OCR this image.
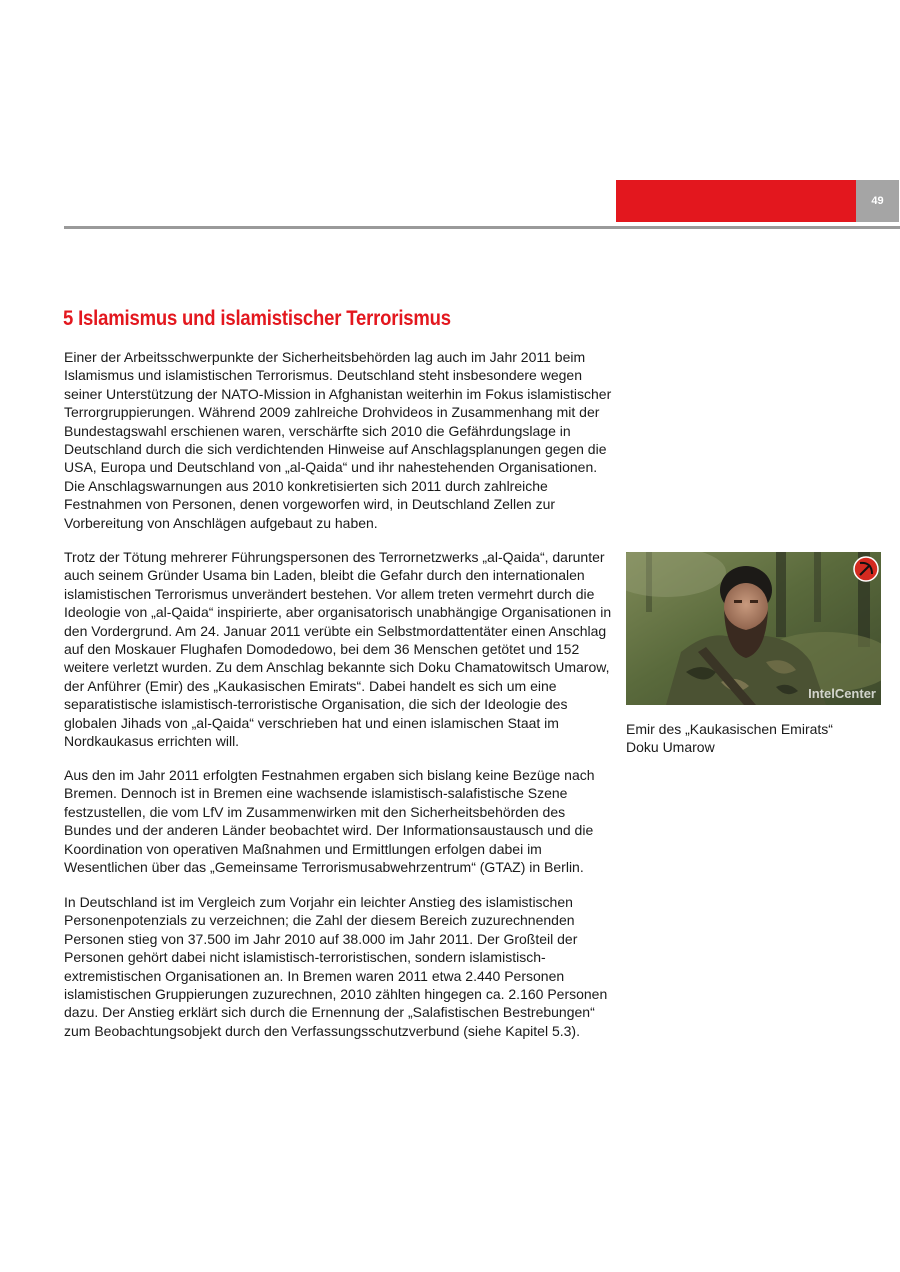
49
5 Islamismus und islamistischer Terrorismus

Einer der Arbeitsschwerpunkte der Sicherheitsbehörden lag auch im Jahr 2011 beim Islamismus und islamistischen Terrorismus. Deutschland steht insbesondere wegen seiner Unterstützung der NATO-Mission in Afghanistan weiterhin im Fokus islamistischer Terrorgruppierungen. Während 2009 zahlreiche Drohvideos in Zusammenhang mit der Bundestagswahl erschienen waren, verschärfte sich 2010 die Gefährdungslage in Deutschland durch die sich verdichtenden Hinweise auf Anschlagsplanungen gegen die USA, Europa und Deutschland von „al-Qaida“ und ihr nahestehenden Organisationen. Die Anschlagswarnungen aus 2010 konkretisierten sich 2011 durch zahlreiche Festnahmen von Personen, denen vorgeworfen wird, in Deutschland Zellen zur Vorbereitung von Anschlägen aufgebaut zu haben.

Trotz der Tötung mehrerer Führungspersonen des Terrornetzwerks „al-Qaida“, darunter auch seinem Gründer Usama bin Laden, bleibt die Gefahr durch den internationalen islamistischen Terrorismus unverändert bestehen. Vor allem treten vermehrt durch die Ideologie von „al-Qaida“ inspirierte, aber organisatorisch unabhängige Organisationen in den Vordergrund. Am 24. Januar 2011 verübte ein Selbstmordattentäter einen Anschlag auf den Moskauer Flughafen Domodedowo, bei dem 36 Menschen getötet und 152 weitere verletzt wurden. Zu dem Anschlag bekannte sich Doku Chamatowitsch Umarow, der Anführer (Emir) des „Kaukasischen Emirats“. Dabei handelt es sich um eine separatistische islamistisch-terroristische Organisation, die sich der Ideologie des globalen Jihads von „al-Qaida“ verschrieben hat und einen islamischen Staat im Nordkaukasus errichten will.

Aus den im Jahr 2011 erfolgten Festnahmen ergaben sich bislang keine Bezüge nach Bremen. Dennoch ist in Bremen eine wachsende islamistisch-salafistische Szene festzustellen, die vom LfV im Zusammenwirken mit den Sicherheitsbehörden des Bundes und der anderen Länder beobachtet wird. Der Informationsaustausch und die Koordination von operativen Maßnahmen und Ermittlungen erfolgen dabei im Wesentlichen über das „Gemeinsame Terrorismusabwehrzentrum“ (GTAZ) in Berlin.

In Deutschland ist im Vergleich zum Vorjahr ein leichter Anstieg des islamistischen Personenpotenzials zu verzeichnen; die Zahl der diesem Bereich zuzurechnenden Personen stieg von 37.500 im Jahr 2010 auf 38.000 im Jahr 2011. Der Großteil der Personen gehört dabei nicht islamistisch-terroristischen, sondern islamistisch-extremistischen Organisationen an. In Bremen waren 2011 etwa 2.440 Personen islamistischen Gruppierungen zuzurechnen, 2010 zählten hingegen ca. 2.160 Personen dazu. Der Anstieg erklärt sich durch die Ernennung der „Salafistischen Bestrebungen“ zum Beobachtungsobjekt durch den Verfassungsschutzverbund (siehe Kapitel 5.3).

IntelCenter

Emir des „Kaukasischen Emirats“ Doku Umarow
